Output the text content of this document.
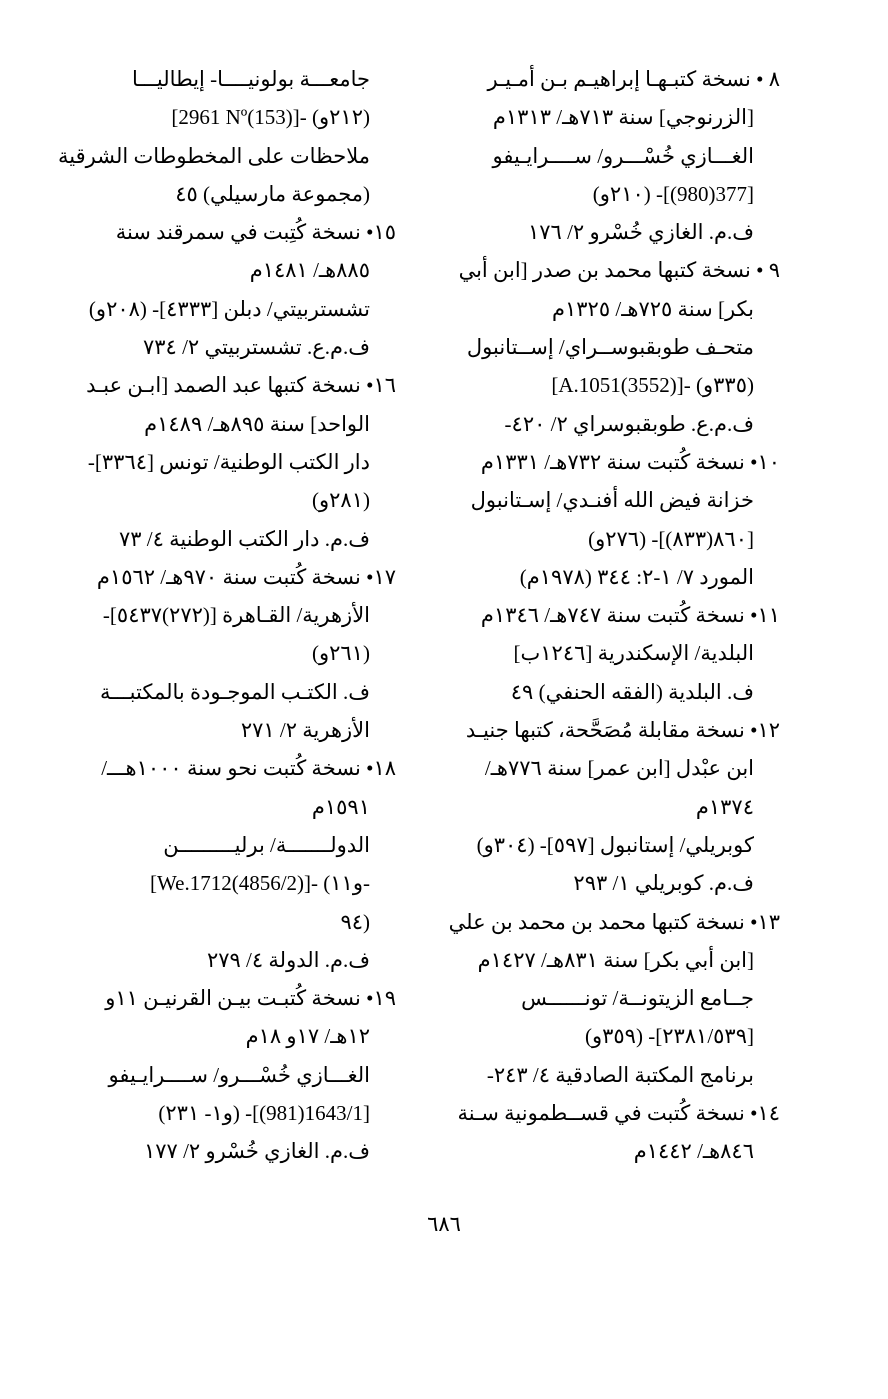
٨ • نسخة كتبـهـا إبراهيـم بـن أمـيـر
[الزرنوجي] سنة ٧١٣هـ/ ١٣١٣م
الغـــازي خُسْـــرو/ ســــرايـيفو
[377(980)]- (٢١٠و)
ف.م. الغازي خُسْرو ٢/ ١٧٦
٩ • نسخة كتبها محمد بن صدر [ابن أبي
بكر] سنة ٧٢٥هـ/ ١٣٢٥م
متحـف طوبقبوســراي/ إســتانبول
[A.1051(3552)]- (٣٣٥و)
ف.م.ع. طوبقبوسراي ٢/ ٤٢٠-
١٠• نسخة كُتبت سنة ٧٣٢هـ/ ١٣٣١م
خزانة فيض الله أفنـدي/ إسـتانبول
[٨٦٠(٨٣٣)]- (٢٧٦و)
المورد ٧/ ١-٢: ٣٤٤ (١٩٧٨م)
١١• نسخة كُتبت سنة ٧٤٧هـ/ ١٣٤٦م
البلدية/ الإسكندرية [١٢٤٦ب]
ف. البلدية (الفقه الحنفي) ٤٩
١٢• نسخة مقابلة مُصَحَّحة، كتبها جنيـد
ابن عبْدل [ابن عمر] سنة ٧٧٦هـ/
١٣٧٤م
كوبريلي/ إستانبول [٥٩٧]- (٣٠٤و)
ف.م. كوبريلي ١/ ٢٩٣
١٣• نسخة كتبها محمد بن محمد بن علي
[ابن أبي بكر] سنة ٨٣١هـ/ ١٤٢٧م
جــامع الزيتونــة/ تونــــــس
[٢٣٨١/٥٣٩]- (٣٥٩و)
برنامج المكتبة الصادقية ٤/ ٢٤٣-
١٤• نسخة كُتبت في قســطمونية سـنة
٨٤٦هـ/ ١٤٤٢م
جامعـــة بولونيــــا- إيطاليـــا
[2961 Nº(153)]- (٢١٢و)
ملاحظات على المخطوطات الشرقية
(مجموعة مارسيلي) ٤٥
١٥• نسخة كُتِبت في سمرقند سنة
٨٨٥هـ/ ١٤٨١م
تشستربيتي/ دبلن [٤٣٣٣]- (٢٠٨و)
ف.م.ع. تشستربيتي ٢/ ٧٣٤
١٦• نسخة كتبها عبد الصمد [ابـن عبـد
الواحد] سنة ٨٩٥هـ/ ١٤٨٩م
دار الكتب الوطنية/ تونس [٣٣٦٤]-
(٢٨١و)
ف.م. دار الكتب الوطنية ٤/ ٧٣
١٧• نسخة كُتبت سنة ٩٧٠هـ/ ١٥٦٢م
الأزهرية/ القـاهرة [(٢٧٢)٥٤٣٧]-
(٢٦١و)
ف. الكتـب الموجـودة بالمكتبـــة
الأزهرية ٢/ ٢٧١
١٨• نسخة كُتبت نحو سنة ١٠٠٠هـــ/
١٥٩١م
الدولـــــــة/ برليـــــــــن
[We.1712(4856/2)]- (و١١-
٩٤)
ف.م. الدولة ٤/ ٢٧٩
١٩• نسخة كُتبـت بيـن القرنيـن ١١و
١٢هـ/ ١٧و ١٨م
الغـــازي خُسْـــرو/ ســــرايـيفو
[1643/1(981)]- (و١- ٢٣١)
ف.م. الغازي خُسْرو ٢/ ١٧٧
٦٨٦
